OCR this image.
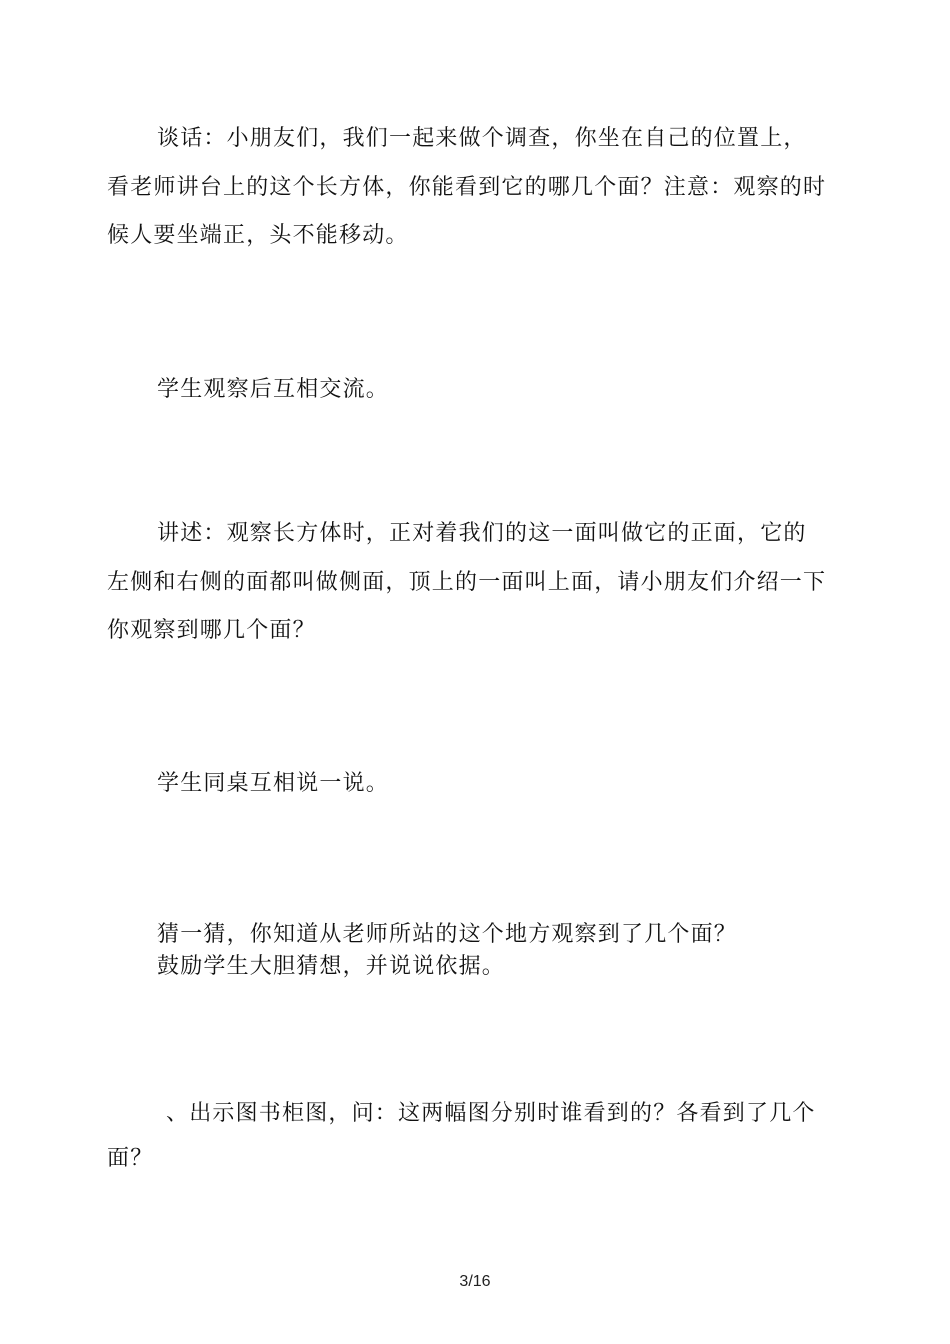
谈话：小朋友们，我们一起来做个调查，你坐在自己的位置上，
看老师讲台上的这个长方体，你能看到它的哪几个面？注意：观察的时
候人要坐端正，头不能移动。
学生观察后互相交流。
讲述：观察长方体时，正对着我们的这一面叫做它的正面，它的
左侧和右侧的面都叫做侧面，顶上的一面叫上面，请小朋友们介绍一下
你观察到哪几个面？
学生同桌互相说一说。
猜一猜，你知道从老师所站的这个地方观察到了几个面？
鼓励学生大胆猜想，并说说依据。
、出示图书柜图，问：这两幅图分别时谁看到的？各看到了几个
面？
3/16
